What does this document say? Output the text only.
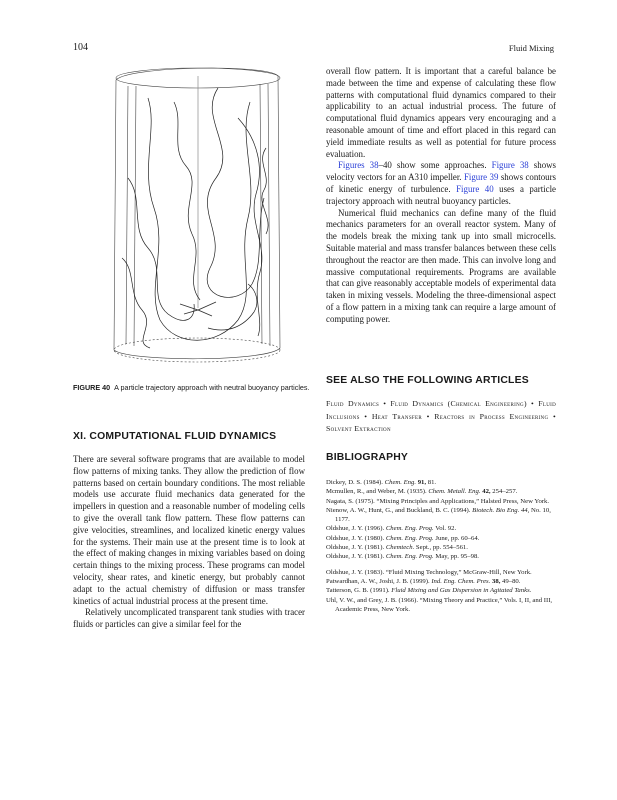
104	Fluid Mixing
FIGURE 40 A particle trajectory approach with neutral buoyancy particles.
XI. COMPUTATIONAL FLUID DYNAMICS

There are several software programs that are available to model flow patterns of mixing tanks. They allow the prediction of flow patterns based on certain boundary conditions. The most reliable models use accurate fluid mechanics data generated for the impellers in question and a reasonable number of modeling cells to give the overall tank flow pattern. These flow patterns can give velocities, streamlines, and localized kinetic energy values for the systems. Their main use at the present time is to look at the effect of making changes in mixing variables based on doing certain things to the mixing process. These programs can model velocity, shear rates, and kinetic energy, but probably cannot adapt to the actual chemistry of diffusion or mass transfer kinetics of actual industrial process at the present time.

Relatively uncomplicated transparent tank studies with tracer fluids or particles can give a similar feel for the

overall flow pattern. It is important that a careful balance be made between the time and expense of calculating these flow patterns with computational fluid dynamics compared to their applicability to an actual industrial process. The future of computational fluid dynamics appears very encouraging and a reasonable amount of time and effort placed in this regard can yield immediate results as well as potential for future process evaluation.

Figures 38–40 show some approaches. Figure 38 shows velocity vectors for an A310 impeller. Figure 39 shows contours of kinetic energy of turbulence. Figure 40 uses a particle trajectory approach with neutral buoyancy particles.

Numerical fluid mechanics can define many of the fluid mechanics parameters for an overall reactor system. Many of the models break the mixing tank up into small microcells. Suitable material and mass transfer balances between these cells throughout the reactor are then made. This can involve long and massive computational requirements. Programs are available that can give reasonably acceptable models of experimental data taken in mixing vessels. Modeling the three-dimensional aspect of a flow pattern in a mixing tank can require a large amount of computing power.

SEE ALSO THE FOLLOWING ARTICLES
Fluid Dynamics • Fluid Dynamics (Chemical Engineering) • Fluid Inclusions • Heat Transfer • Reactors in Process Engineering • Solvent Extraction
BIBLIOGRAPHY

Dickey, D. S. (1984). Chem. Eng. 91, 81.

Mcmullen, R., and Weber, M. (1935). Chem. Metall. Eng. 42, 254–257.

Nagata, S. (1975). “Mixing Principles and Applications,” Halsted Press, New York.

Nienow, A. W., Hunt, G., and Buckland, B. C. (1994). Biotech. Bio Eng. 44, No. 10, 1177.

Oldshue, J. Y. (1996). Chem. Eng. Prog. Vol. 92.

Oldshue, J. Y. (1980). Chem. Eng. Prog. June, pp. 60–64.

Oldshue, J. Y. (1981). Chemtech. Sept., pp. 554–561.

Oldshue, J. Y. (1981). Chem. Eng. Prog. May, pp. 95–98.

Oldshue, J. Y. (1983). “Fluid Mixing Technology,” McGraw-Hill, New York.

Patwardhan, A. W., Joshi, J. B. (1999). Ind. Eng. Chem. Pres. 38, 49–80.

Tatterson, G. B. (1991). Fluid Mixing and Gas Dispersion in Agitated Tanks.

Uhl, V. W., and Grey, J. B. (1966). “Mixing Theory and Practice,” Vols. I, II, and III, Academic Press, New York.
